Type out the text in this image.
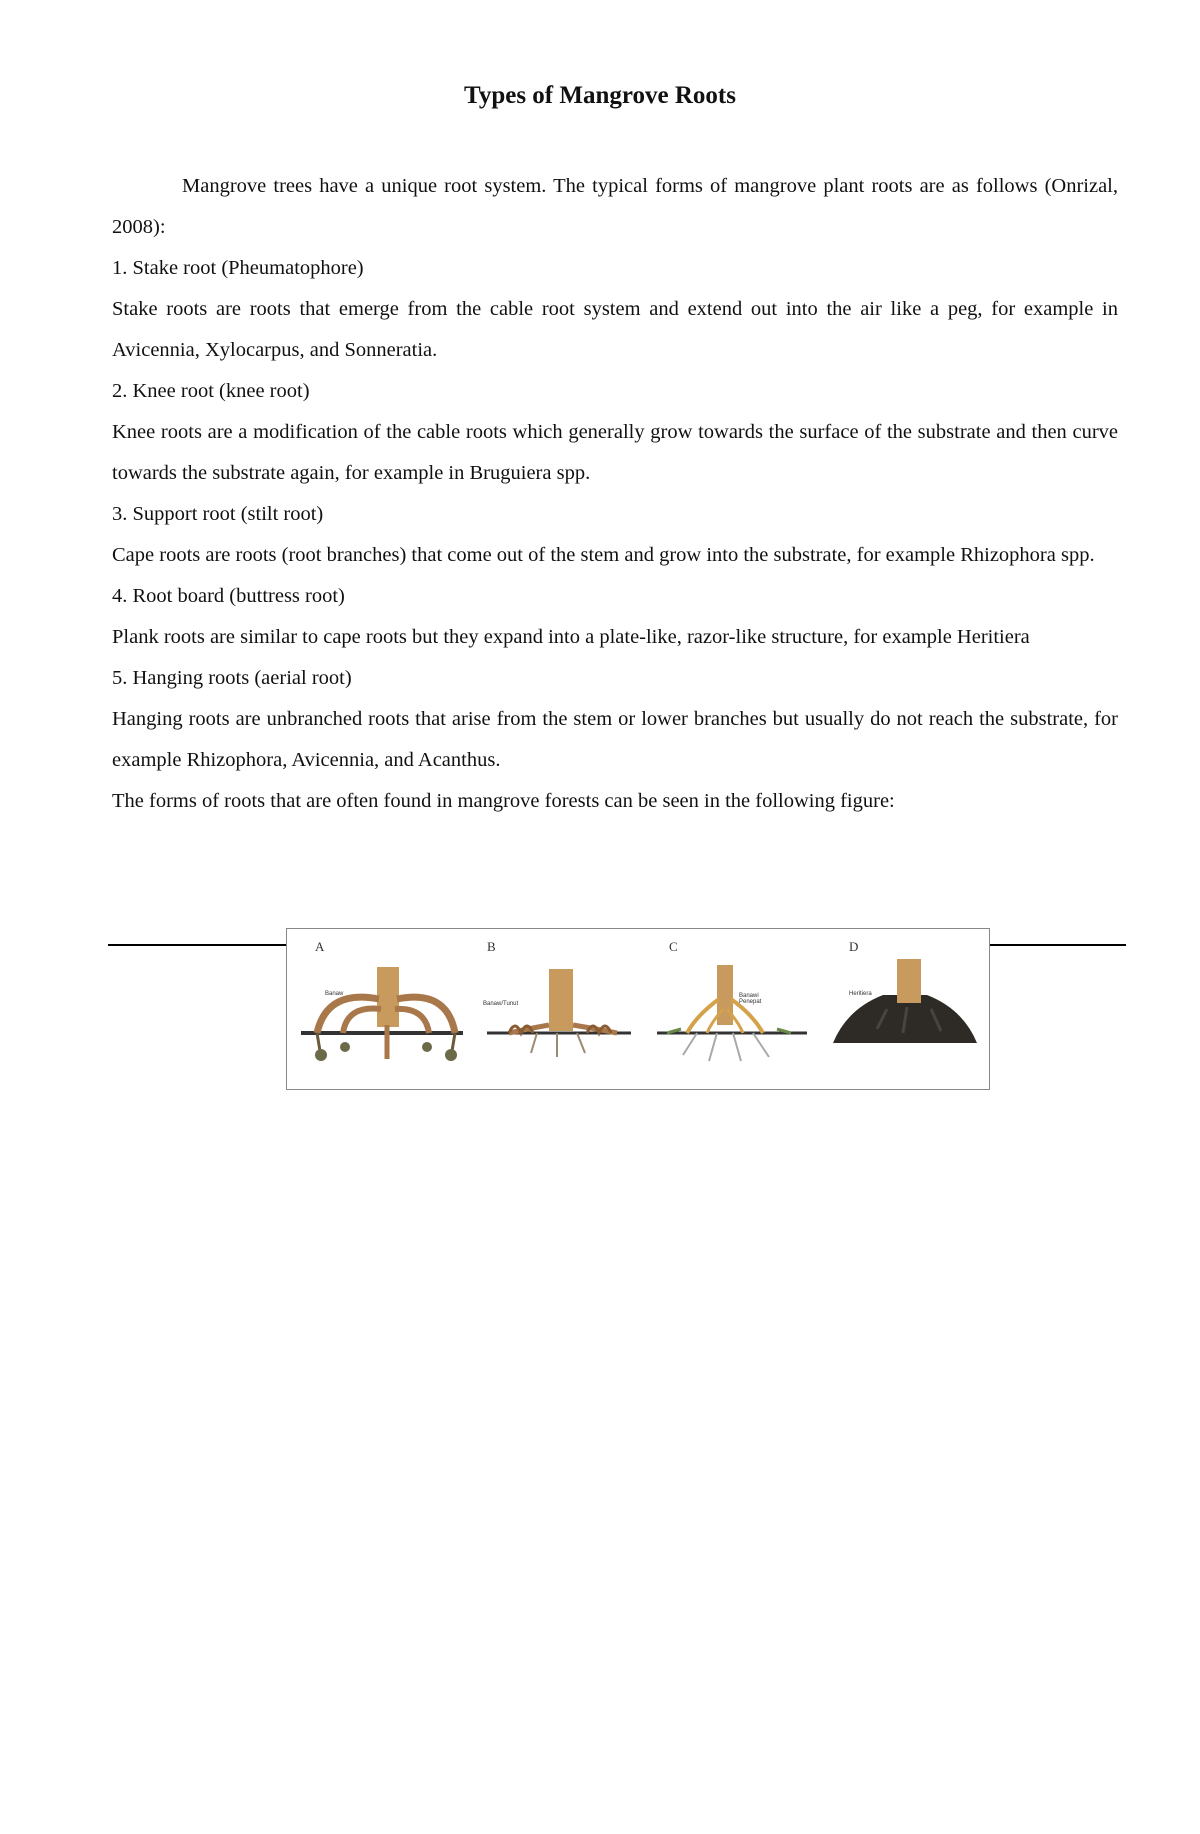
Types of Mangrove Roots

Mangrove trees have a unique root system. The typical forms of mangrove plant roots are as follows (Onrizal, 2008):

1. Stake root (Pheumatophore)

Stake roots are roots that emerge from the cable root system and extend out into the air like a peg, for example in Avicennia, Xylocarpus, and Sonneratia.

2. Knee root (knee root)

Knee roots are a modification of the cable roots which generally grow towards the surface of the substrate and then curve towards the substrate again, for example in Bruguiera spp.

3. Support root (stilt root)

Cape roots are roots (root branches) that come out of the stem and grow into the substrate, for example Rhizophora spp.

4. Root board (buttress root)

Plank roots are similar to cape roots but they expand into a plate-like, razor-like structure, for example Heritiera

5. Hanging roots (aerial root)

Hanging roots are unbranched roots that arise from the stem or lower branches but usually do not reach the substrate, for example Rhizophora, Avicennia, and Acanthus.

The forms of roots that are often found in mangrove forests can be seen in the following figure:

A	B	C	D
Banaw
Banaw/Tunut
Banawi Penepat
Heritiera
